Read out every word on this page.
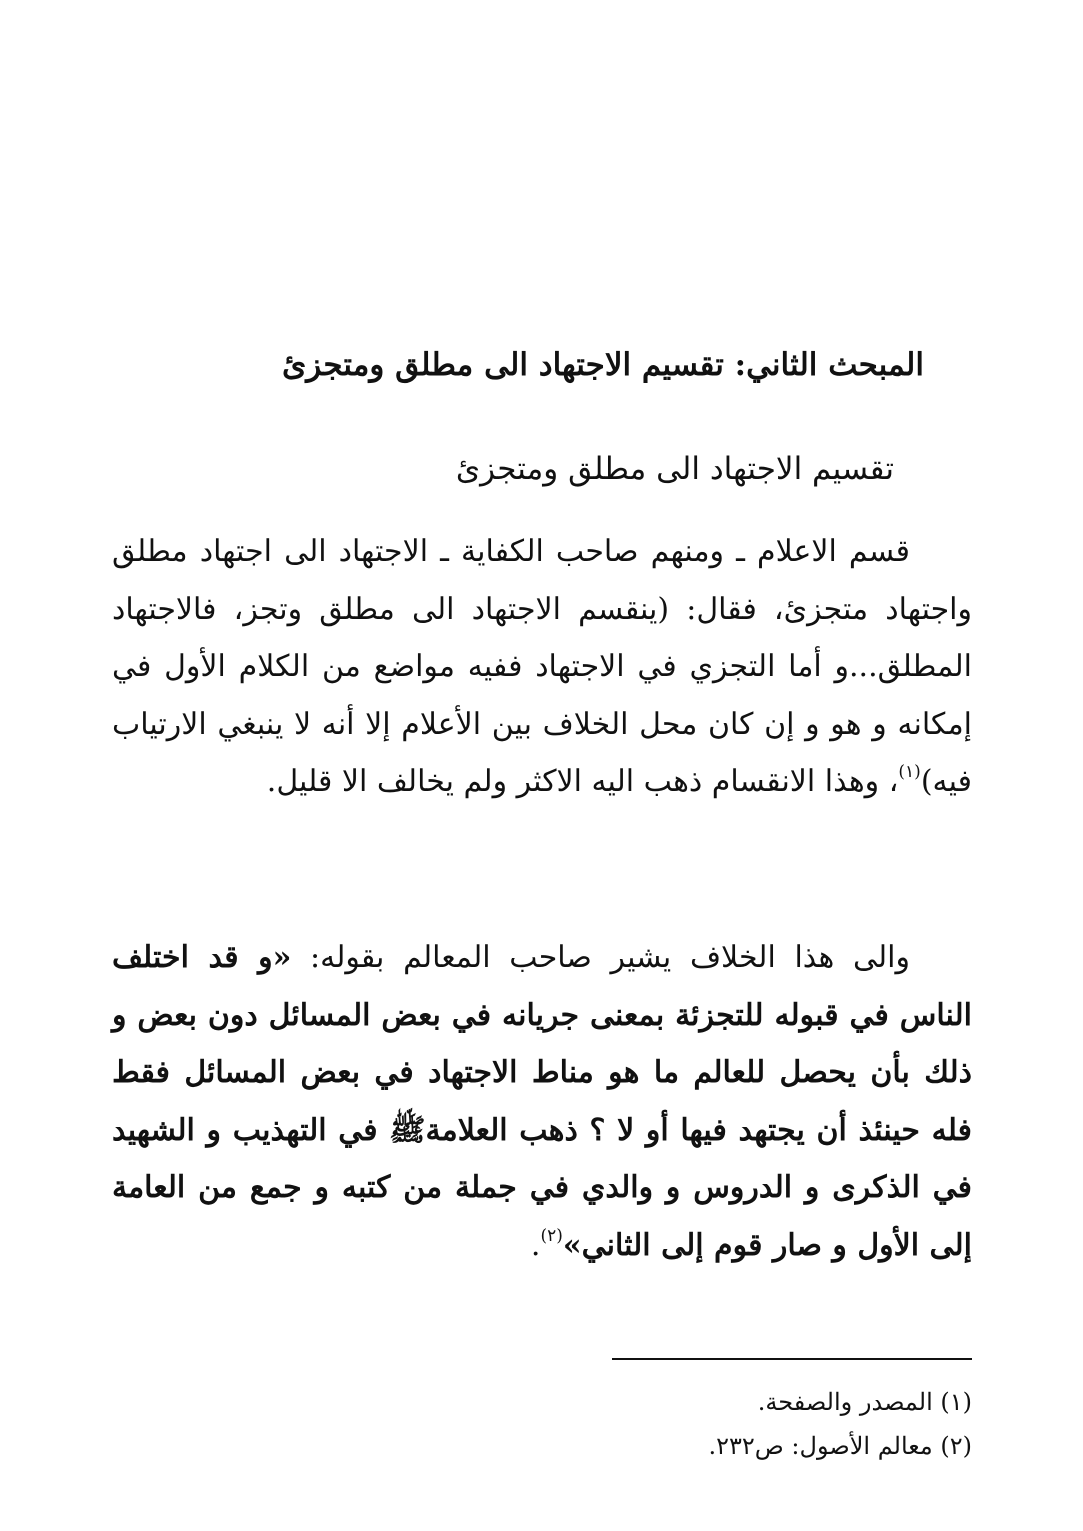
المبحث الثاني: تقسيم الاجتهاد الى مطلق ومتجزئ

تقسيم الاجتهاد الى مطلق ومتجزئ

قسم الاعلام ـ ومنهم صاحب الكفاية ـ الاجتهاد الى اجتهاد مطلق واجتهاد متجزئ، فقال: (ينقسم الاجتهاد الى مطلق وتجز، فالاجتهاد المطلق...و أما التجزي في الاجتهاد ففيه مواضع من الكلام الأول في إمكانه و هو و إن كان محل الخلاف بين الأعلام إلا أنه لا ينبغي الارتياب فيه)$^{(١)}$، وهذا الانقسام ذهب اليه الاكثر ولم يخالف الا قليل.

والى هذا الخلاف يشير صاحب المعالم بقوله: «و قد اختلف الناس في قبوله للتجزئة بمعنى جريانه في بعض المسائل دون بعض و ذلك بأن يحصل للعالم ما هو مناط الاجتهاد في بعض المسائل فقط فله حينئذ أن يجتهد فيها أو لا ؟ ذهب العلامةﷺ في التهذيب و الشهيد في الذكرى و الدروس و والدي في جملة من كتبه و جمع من العامة إلى الأول و صار قوم إلى الثاني»$^{(٢)}$.

(١) المصدر والصفحة.

(٢) معالم الأصول: ص٢٣٢.
